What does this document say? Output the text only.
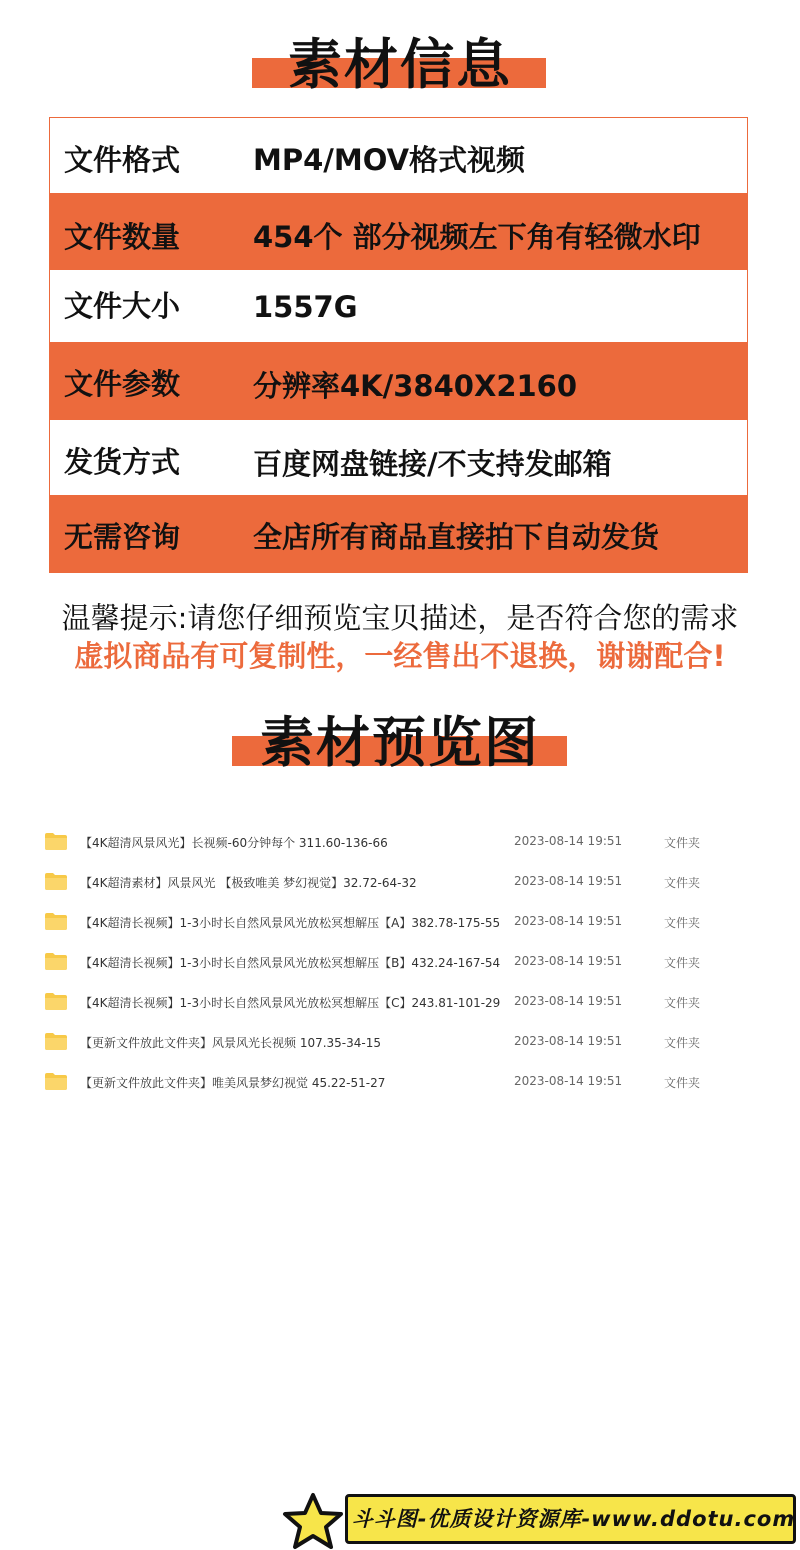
素材信息
文件格式	MP4/MOV格式视频
文件数量	454个 部分视频左下角有轻微水印
文件大小	1557G
文件参数	分辨率4K/3840X2160
发货方式	百度网盘链接/不支持发邮箱
无需咨询	全店所有商品直接拍下自动发货
温馨提示:请您仔细预览宝贝描述，是否符合您的需求
虚拟商品有可复制性，一经售出不退换，谢谢配合!
素材预览图
【4K超清风景风光】长视频-60分钟每个 311.60-136-66	2023-08-14 19:51	文件夹
【4K超清素材】风景风光 【极致唯美 梦幻视觉】32.72-64-32	2023-08-14 19:51	文件夹
【4K超清长视频】1-3小时长自然风景风光放松冥想解压【A】382.78-175-55 2023-08-14 19:51	文件夹
【4K超清长视频】1-3小时长自然风景风光放松冥想解压【B】432.24-167-54 2023-08-14 19:51	文件夹
【4K超清长视频】1-3小时长自然风景风光放松冥想解压【C】243.81-101-29 2023-08-14 19:51	文件夹
【更新文件放此文件夹】风景风光长视频 107.35-34-15	2023-08-14 19:51	文件夹
【更新文件放此文件夹】唯美风景梦幻视觉 45.22-51-27	2023-08-14 19:51	文件夹
斗斗图-优质设计资源库-www.ddotu.com
